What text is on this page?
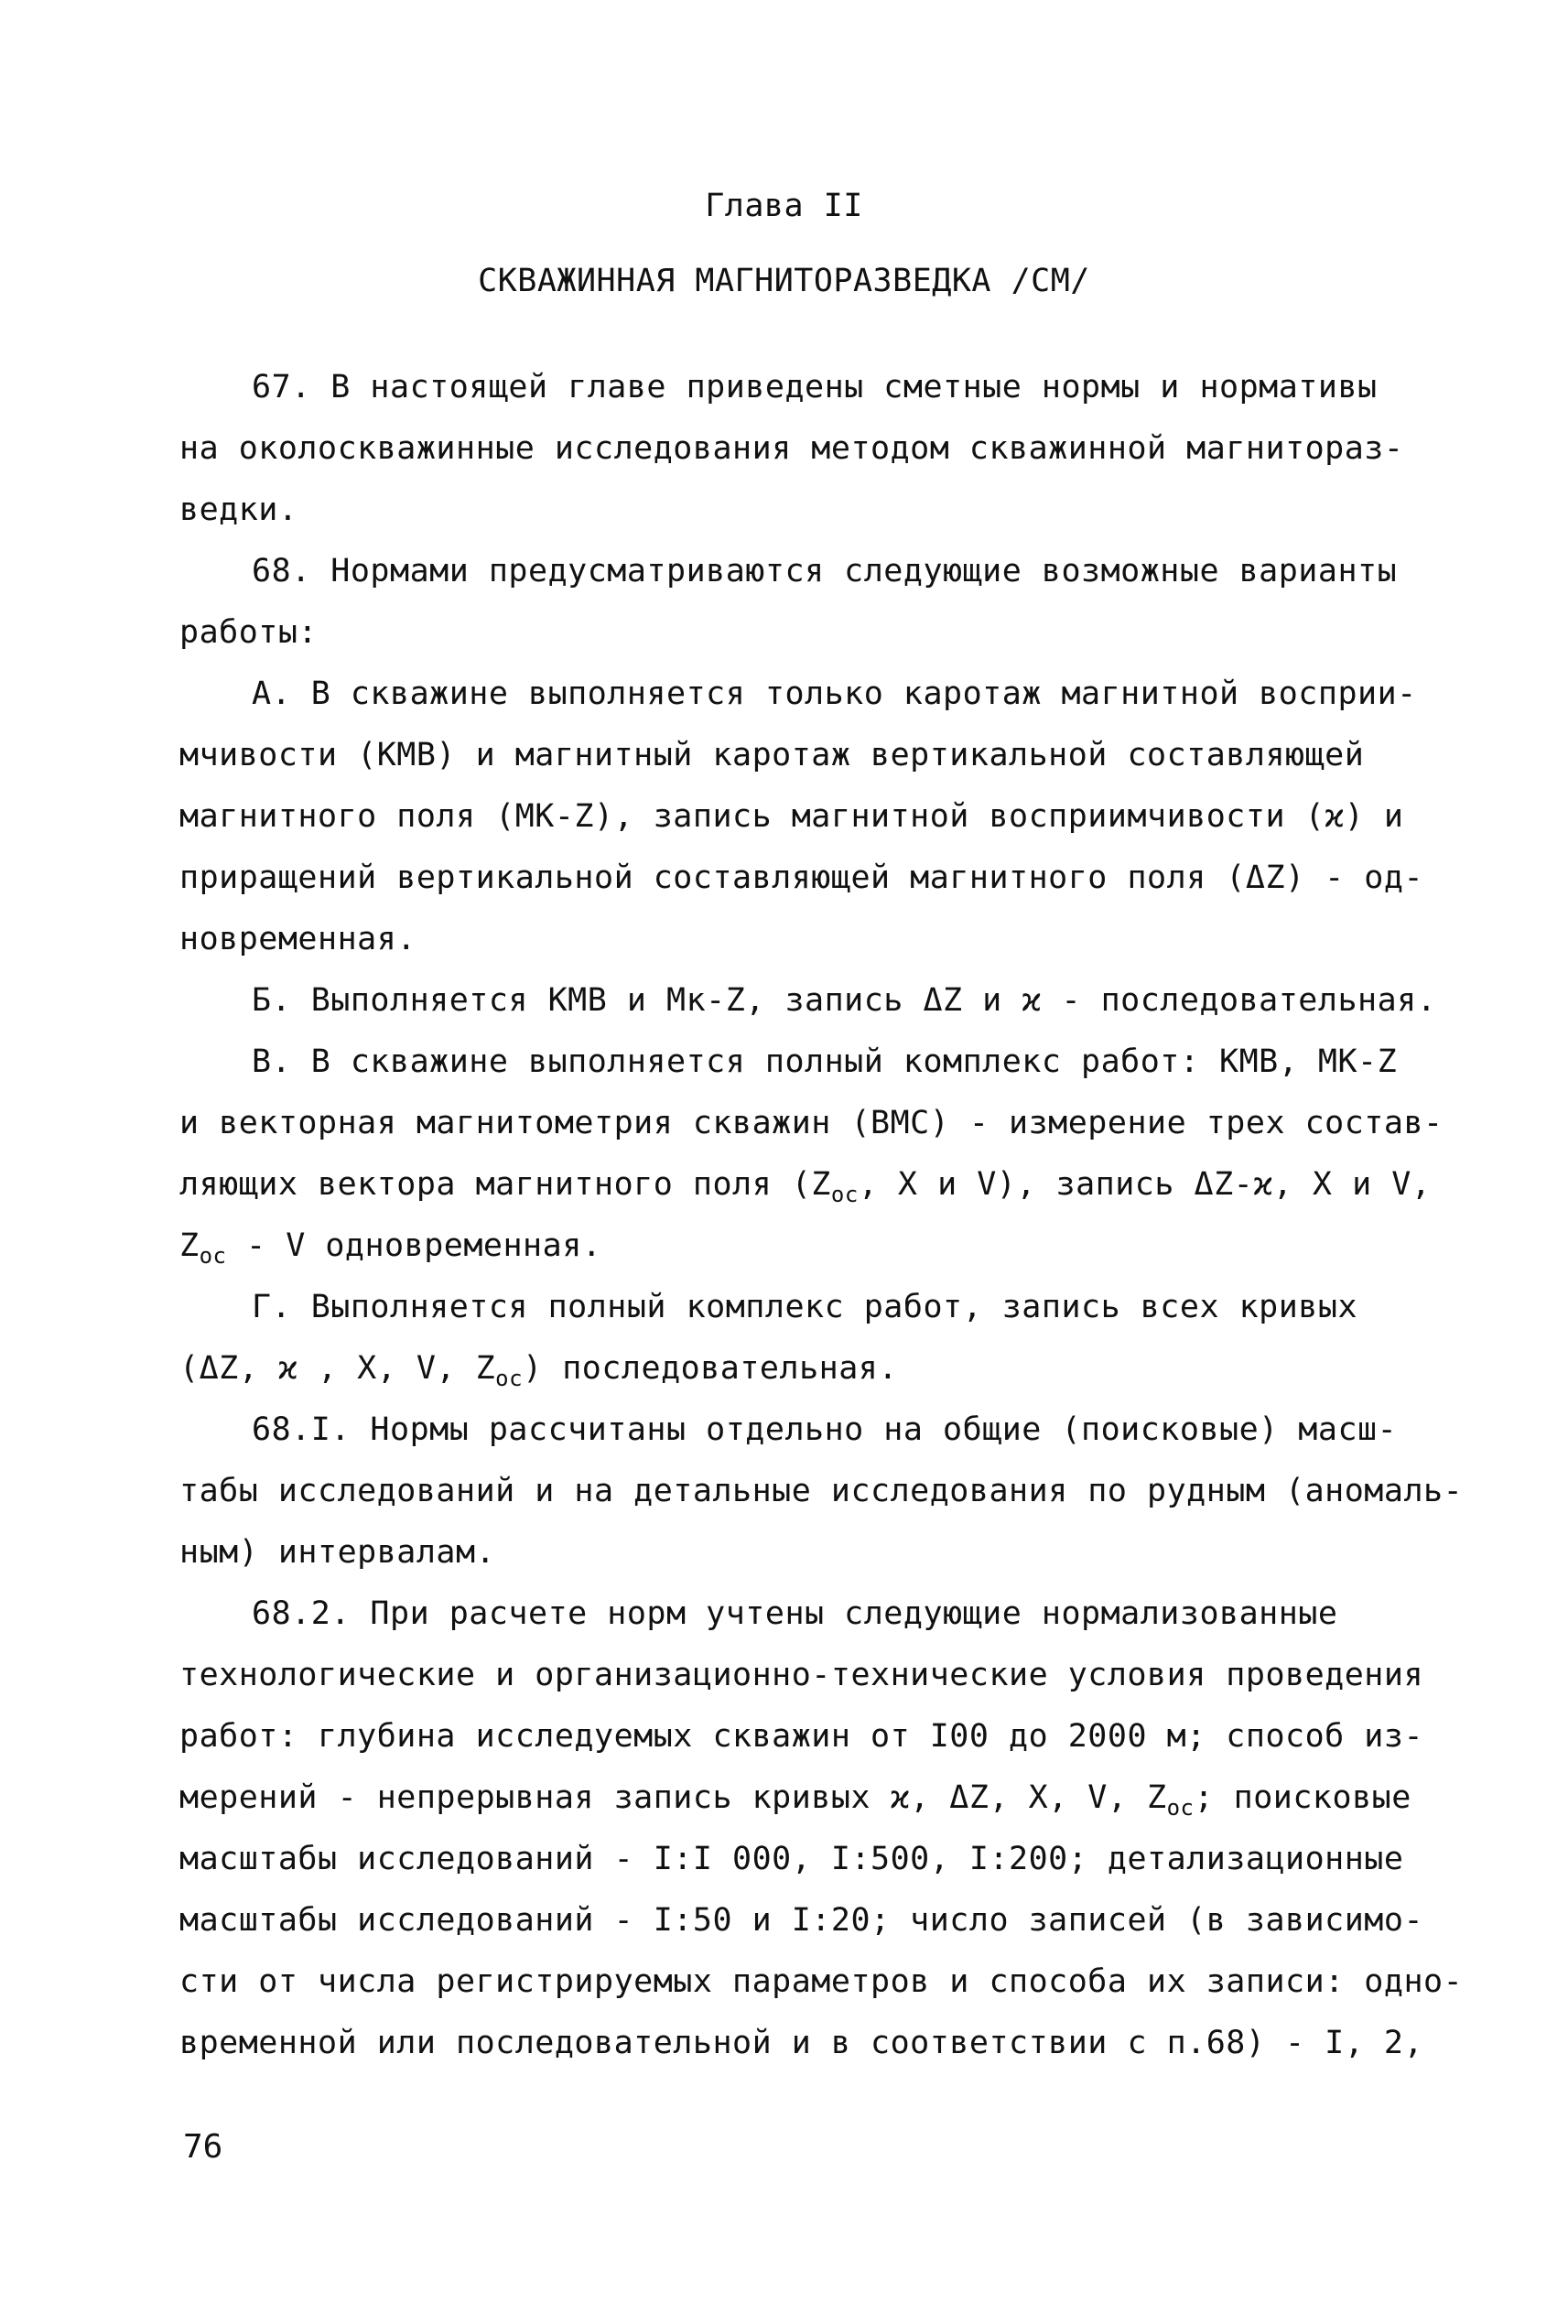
Глава II
СКВАЖИННАЯ МАГНИТОРАЗВЕДКА /СМ/
67. В настоящей главе приведены сметные нормы и нормативы
на околоскважинные исследования методом скважинной магнитораз-
ведки.
68. Нормами предусматриваются следующие возможные варианты
работы:
А. В скважине выполняется только каротаж магнитной восприи-
мчивости (КМВ) и магнитный каротаж вертикальной составляющей
магнитного поля (МК-Z), запись магнитной восприимчивости (ϰ) и
приращений вертикальной составляющей магнитного поля (ΔZ) - од-
новременная.
Б. Выполняется КМВ и Мк-Z, запись ΔZ и ϰ - последовательная.
В. В скважине выполняется полный комплекс работ: КМВ, МК-Z
и векторная магнитометрия скважин (ВМС) - измерение трех состав-
ляющих вектора магнитного поля ($Z_{ос}$, X и V), запись ΔZ-ϰ, X и V,
$Z_{ос}$ - V одновременная.
Г. Выполняется полный комплекс работ, запись всех кривых
(ΔZ, ϰ , X, V, $Z_{ос}$) последовательная.
68.I. Нормы рассчитаны отдельно на общие (поисковые) масш-
табы исследований и на детальные исследования по рудным (аномаль-
ным) интервалам.
68.2. При расчете норм учтены следующие нормализованные
технологические и организационно-технические условия проведения
работ: глубина исследуемых скважин от I00 до 2000 м; способ из-
мерений - непрерывная запись кривых ϰ, ΔZ, X, V, $Z_{ос}$; поисковые
масштабы исследований - I:I 000, I:500, I:200; детализационные
масштабы исследований - I:50 и I:20; число записей (в зависимо-
сти от числа регистрируемых параметров и способа их записи: одно-
временной или последовательной и в соответствии с п.68) - I, 2,
76
